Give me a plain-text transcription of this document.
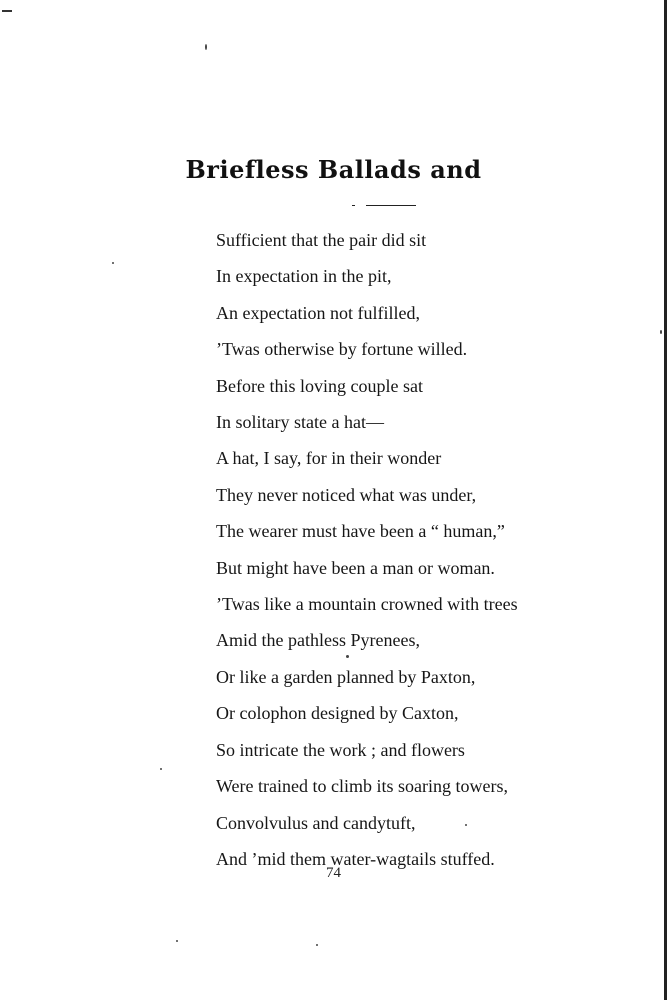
Briefless Ballads and
Sufficient that the pair did sit
In expectation in the pit,
An expectation not fulfilled,
’Twas otherwise by fortune willed.
Before this loving couple sat
In solitary state a hat—
A hat, I say, for in their wonder
They never noticed what was under,
The wearer must have been a “ human,”
But might have been a man or woman.
’Twas like a mountain crowned with trees
Amid the pathless Pyrenees,
Or like a garden planned by Paxton,
Or colophon designed by Caxton,
So intricate the work ; and flowers
Were trained to climb its soaring towers,
Convolvulus and candytuft,
And ’mid them water-wagtails stuffed.
74
